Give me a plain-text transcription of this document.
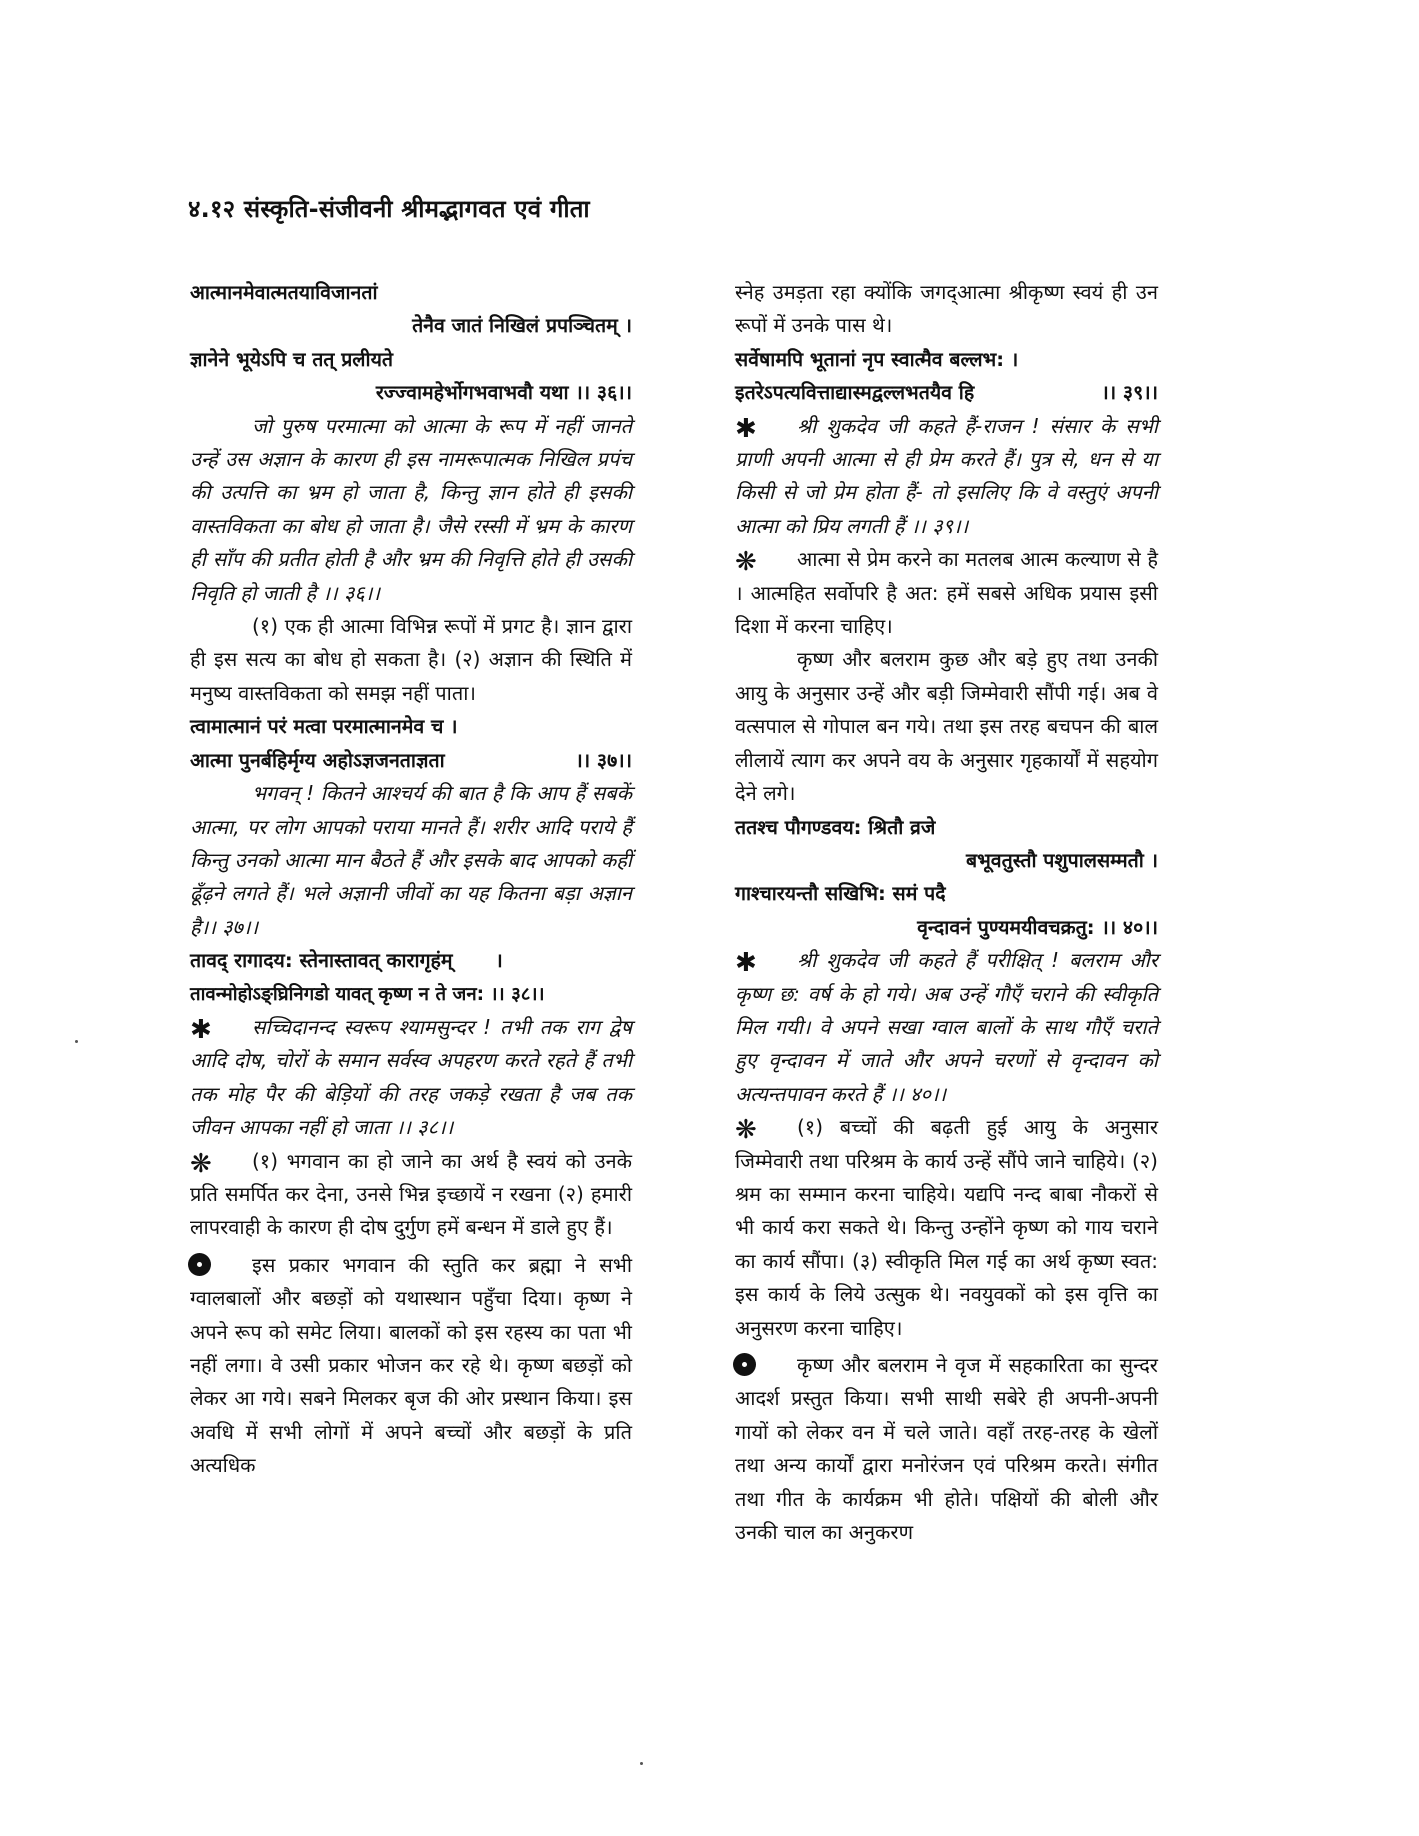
४.१२ संस्कृति-संजीवनी श्रीमद्भागवत एवं गीता
आत्मानमेवात्मतयाविजानतां
तेनैव जातं निखिलं प्रपञ्चितम् ।
ज्ञानेने भूयेऽपि च तत् प्रलीयते
रज्ज्वामहेर्भोगभवाभवौ यथा ।। ३६।।

जो पुरुष परमात्मा को आत्मा के रूप में नहीं जानते उन्हें उस अज्ञान के कारण ही इस नामरूपात्मक निखिल प्रपंच की उत्पत्ति का भ्रम हो जाता है, किन्तु ज्ञान होते ही इसकी वास्तविकता का बोध हो जाता है। जैसे रस्सी में भ्रम के कारण ही साँप की प्रतीत होती है और भ्रम की निवृत्ति होते ही उसकी निवृति हो जाती है ।। ३६।।

(१) एक ही आत्मा विभिन्न रूपों में प्रगट है। ज्ञान द्वारा ही इस सत्य का बोध हो सकता है। (२) अज्ञान की स्थिति में मनुष्य वास्तविकता को समझ नहीं पाता।

त्वामात्मानं परं मत्वा परमात्मानमेव च ।
आत्मा पुनर्बहिर्मृग्य अहोऽज्ञजनताज्ञता	।। ३७।।

भगवन् ! कितने आश्चर्य की बात है कि आप हैं सबकें आत्मा, पर लोग आपको पराया मानते हैं। शरीर आदि पराये हैं किन्तु उनको आत्मा मान बैठते हैं और इसके बाद आपको कहीं ढूँढ़ने लगते हैं। भले अज्ञानी जीवों का यह कितना बड़ा अज्ञान है।। ३७।।

तावद् रागादय: स्तेनास्तावत् कारागृहंम् ।
तावन्मोहोऽङ्घ्रिनिगडो यावत् कृष्ण न ते जन: ।। ३८।।

✱ सच्चिदानन्द स्वरूप श्यामसुन्दर ! तभी तक राग द्वेष आदि दोष, चोरों के समान सर्वस्व अपहरण करते रहते हैं तभी तक मोह पैर की बेड़ियों की तरह जकड़े रखता है जब तक जीवन आपका नहीं हो जाता ।। ३८।।

❋ (१) भगवान का हो जाने का अर्थ है स्वयं को उनके प्रति समर्पित कर देना, उनसे भिन्न इच्छायें न रखना (२) हमारी लापरवाही के कारण ही दोष दुर्गुण हमें बन्धन में डाले हुए हैं।

इस प्रकार भगवान की स्तुति कर ब्रह्मा ने सभी ग्वालबालों और बछड़ों को यथास्थान पहुँचा दिया। कृष्ण ने अपने रूप को समेट लिया। बालकों को इस रहस्य का पता भी नहीं लगा। वे उसी प्रकार भोजन कर रहे थे। कृष्ण बछड़ों को लेकर आ गये। सबने मिलकर बृज की ओर प्रस्थान किया। इस अवधि में सभी लोगों में अपने बच्चों और बछड़ों के प्रति अत्यधिक

स्नेह उमड़ता रहा क्योंकि जगद्आत्मा श्रीकृष्ण स्वयं ही उन रूपों में उनके पास थे।

सर्वेषामपि भूतानां नृप स्वात्मैव बल्लभ: ।
इतरेऽपत्यवित्ताद्यास्मद्वल्लभतयैव हि	।। ३९।।

✱ श्री शुकदेव जी कहते हैं-राजन ! संसार के सभी प्राणी अपनी आत्मा से ही प्रेम करते हैं। पुत्र से, धन से या किसी से जो प्रेम होता हैं- तो इसलिए कि वे वस्तुएं अपनी आत्मा को प्रिय लगती हैं ।। ३९।।

❋ आत्मा से प्रेम करने का मतलब आत्म कल्याण से है । आत्महित सर्वोपरि है अत: हमें सबसे अधिक प्रयास इसी दिशा में करना चाहिए।

कृष्ण और बलराम कुछ और बड़े हुए तथा उनकी आयु के अनुसार उन्हें और बड़ी जिम्मेवारी सौंपी गई। अब वे वत्सपाल से गोपाल बन गये। तथा इस तरह बचपन की बाल लीलायें त्याग कर अपने वय के अनुसार गृहकार्यों में सहयोग देने लगे।

ततश्च पौगण्डवय: श्रितौ व्रजे
बभूवतुस्तौ पशुपालसम्मतौ ।
गाश्चारयन्तौ सखिभि: समं पदै
वृन्दावनं पुण्यमयीवचक्रतु: ।। ४०।।

✱ श्री शुकदेव जी कहते हैं परीक्षित् ! बलराम और कृष्ण छ: वर्ष के हो गये। अब उन्हें गौएँ चराने की स्वीकृति मिल गयी। वे अपने सखा ग्वाल बालों के साथ गौएँ चराते हुए वृन्दावन में जाते और अपने चरणों से वृन्दावन को अत्यन्तपावन करते हैं ।। ४०।।

❋ (१) बच्चों की बढ़ती हुई आयु के अनुसार जिम्मेवारी तथा परिश्रम के कार्य उन्हें सौंपे जाने चाहिये। (२) श्रम का सम्मान करना चाहिये। यद्यपि नन्द बाबा नौकरों से भी कार्य करा सकते थे। किन्तु उन्होंने कृष्ण को गाय चराने का कार्य सौंपा। (३) स्वीकृति मिल गई का अर्थ कृष्ण स्वत: इस कार्य के लिये उत्सुक थे। नवयुवकों को इस वृत्ति का अनुसरण करना चाहिए।

कृष्ण और बलराम ने वृज में सहकारिता का सुन्दर आदर्श प्रस्तुत किया। सभी साथी सबेरे ही अपनी-अपनी गायों को लेकर वन में चले जाते। वहाँ तरह-तरह के खेलों तथा अन्य कार्यों द्वारा मनोरंजन एवं परिश्रम करते। संगीत तथा गीत के कार्यक्रम भी होते। पक्षियों की बोली और उनकी चाल का अनुकरण
